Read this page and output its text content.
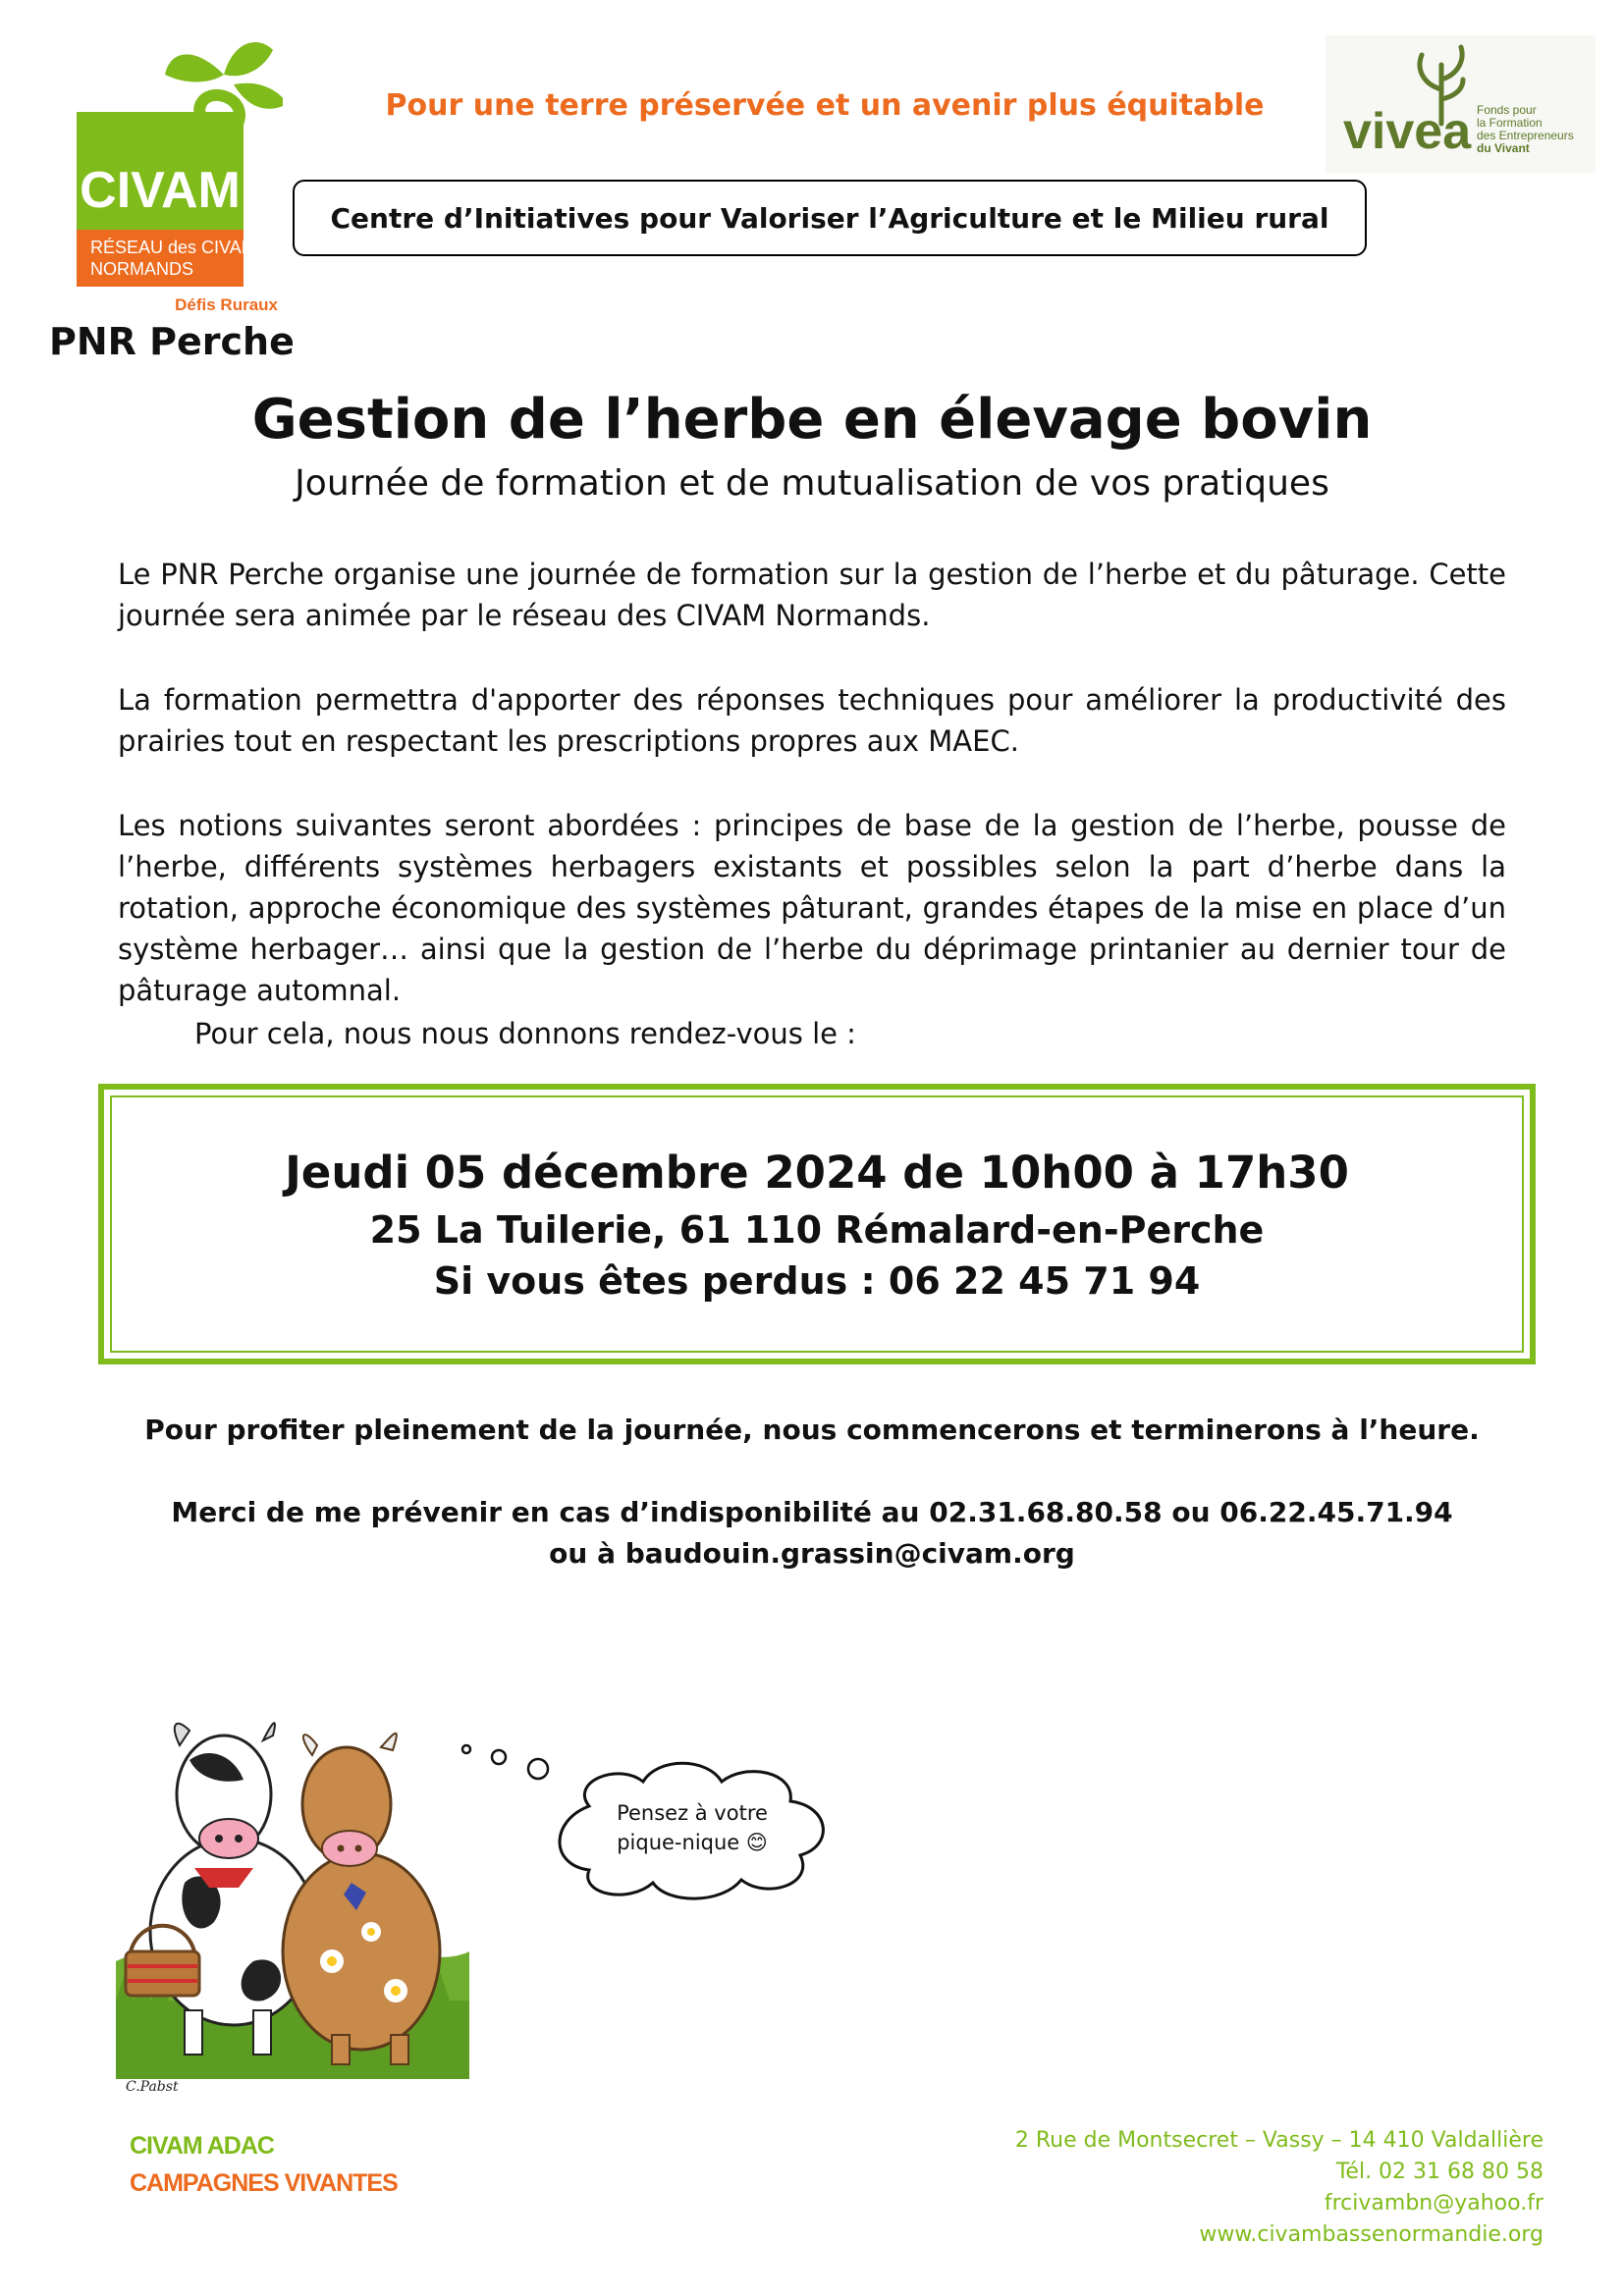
CIVAM
RÉSEAU des CIVAM
NORMANDS
Défis Ruraux
Pour une terre préservée et un avenir plus équitable
Centre d’Initiatives pour Valoriser l’Agriculture et le Milieu rural
vivea Fonds pour
la Formation
des Entrepreneurs
du Vivant
PNR Perche
Gestion de l’herbe en élevage bovin
Journée de formation et de mutualisation de vos pratiques
Le PNR Perche organise une journée de formation sur la gestion de l’herbe et du pâturage. Cette journée sera animée par le réseau des CIVAM Normands.
La formation permettra d'apporter des réponses techniques pour améliorer la productivité des prairies tout en respectant les prescriptions propres aux MAEC.
Les notions suivantes seront abordées : principes de base de la gestion de l’herbe, pousse de l’herbe, différents systèmes herbagers existants et possibles selon la part d’herbe dans la rotation, approche économique des systèmes pâturant, grandes étapes de la mise en place d’un système herbager… ainsi que la gestion de l’herbe du déprimage printanier au dernier tour de pâturage automnal.
Pour cela, nous nous donnons rendez-vous le :
Jeudi 05 décembre 2024 de 10h00 à 17h30
25 La Tuilerie, 61 110 Rémalard-en-Perche
Si vous êtes perdus : 06 22 45 71 94
Pour profiter pleinement de la journée, nous commencerons et terminerons à l’heure.
Merci de me prévenir en cas d’indisponibilité au 02.31.68.80.58 ou 06.22.45.71.94
ou à baudouin.grassin@civam.org
C.Pabst
Pensez à votre
pique-nique 😊
CIVAM ADAC
CAMPAGNES VIVANTES
2 Rue de Montsecret – Vassy – 14 410 Valdallière
Tél. 02 31 68 80 58
frcivambn@yahoo.fr
www.civambassenormandie.org
